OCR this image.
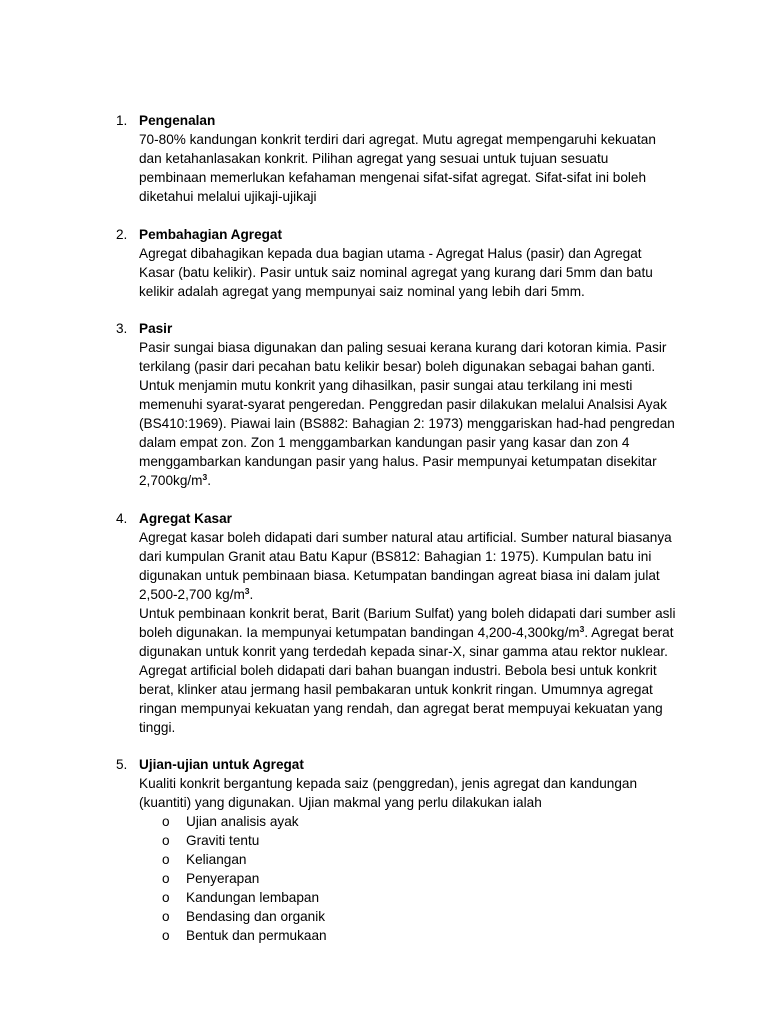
1. Pengenalan

70-80% kandungan konkrit terdiri dari agregat. Mutu agregat mempengaruhi kekuatan dan ketahanlasakan konkrit. Pilihan agregat yang sesuai untuk tujuan sesuatu pembinaan memerlukan kefahaman mengenai sifat-sifat agregat. Sifat-sifat ini boleh diketahui melalui ujikaji-ujikaji

2. Pembahagian Agregat

Agregat dibahagikan kepada dua bagian utama - Agregat Halus (pasir) dan Agregat Kasar (batu kelikir). Pasir untuk saiz nominal agregat yang kurang dari 5mm dan batu kelikir adalah agregat yang mempunyai saiz nominal yang lebih dari 5mm.

3. Pasir

Pasir sungai biasa digunakan dan paling sesuai kerana kurang dari kotoran kimia. Pasir terkilang (pasir dari pecahan batu kelikir besar) boleh digunakan sebagai bahan ganti.

Untuk menjamin mutu konkrit yang dihasilkan, pasir sungai atau terkilang ini mesti memenuhi syarat-syarat pengeredan. Penggredan pasir dilakukan melalui Analsisi Ayak (BS410:1969). Piawai lain (BS882: Bahagian 2: 1973) menggariskan had-had pengredan dalam empat zon. Zon 1 menggambarkan kandungan pasir yang kasar dan zon 4 menggambarkan kandungan pasir yang halus. Pasir mempunyai ketumpatan disekitar $2,700kg/m^3$.

4. Agregat Kasar

Agregat kasar boleh didapati dari sumber natural atau artificial. Sumber natural biasanya dari kumpulan Granit atau Batu Kapur (BS812: Bahagian 1: 1975). Kumpulan batu ini digunakan untuk pembinaan biasa. Ketumpatan bandingan agreat biasa ini dalam julat 2,500-2,700 $kg/m^3$.

Untuk pembinaan konkrit berat, Barit (Barium Sulfat) yang boleh didapati dari sumber asli boleh digunakan. Ia mempunyai ketumpatan bandingan $4,200-4,300kg/m^3$. Agregat berat digunakan untuk konrit yang terdedah kepada sinar-X, sinar gamma atau rektor nuklear.

Agregat artificial boleh didapati dari bahan buangan industri. Bebola besi untuk konkrit berat, klinker atau jermang hasil pembakaran untuk konkrit ringan. Umumnya agregat ringan mempunyai kekuatan yang rendah, dan agregat berat mempuyai kekuatan yang tinggi.

5. Ujian-ujian untuk Agregat

Kualiti konkrit bergantung kepada saiz (penggredan), jenis agregat dan kandungan (kuantiti) yang digunakan. Ujian makmal yang perlu dilakukan ialah

o Ujian analisis ayak
o Graviti tentu
o Keliangan
o Penyerapan
o Kandungan lembapan
o Bendasing dan organik
o Bentuk dan permukaan
